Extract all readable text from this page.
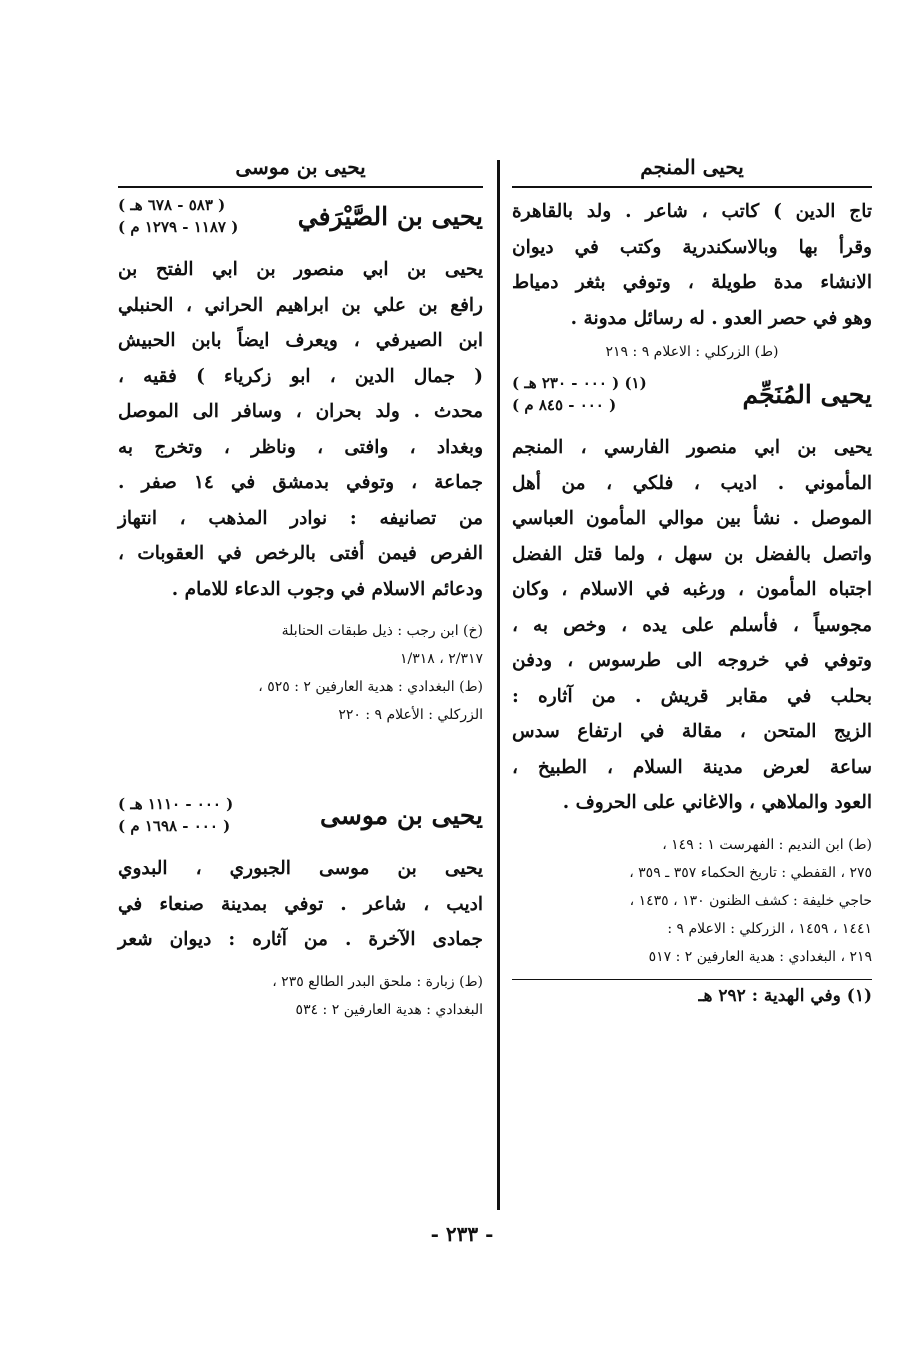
يحيى المنجم
تاج الدين ) كاتب ، شاعر . ولد بالقاهرة
وقرأ بها وبالاسكندرية وكتب في ديوان
الانشاء مدة طويلة ، وتوفي بثغر دمياط
وهو في حصر العدو . له رسائل مدونة .
(ط) الزركلي : الاعلام ٩ : ٢١٩
يحيى المُنَجِّم
(١) ( ٠٠٠ - ٢٣٠ هـ )
( ٠٠٠ - ٨٤٥ م )
يحيى بن ابي منصور الفارسي ، المنجم
المأموني . اديب ، فلكي ، من أهل
الموصل . نشأ بين موالي المأمون العباسي
واتصل بالفضل بن سهل ، ولما قتل الفضل
اجتباه المأمون ، ورغبه في الاسلام ، وكان
مجوسياً ، فأسلم على يده ، وخص به ،
وتوفي في خروجه الى طرسوس ، ودفن
بحلب في مقابر قريش . من آثاره :
الزيج المتحن ، مقالة في ارتفاع سدس
ساعة لعرض مدينة السلام ، الطبيخ ،
العود والملاهي ، والاغاني على الحروف .
(ط) ابن النديم : الفهرست ١ : ١٤٩ ،
٢٧٥ ، القفطي : تاريخ الحكماء ٣٥٧ ـ ٣٥٩ ،
حاجي خليفة : كشف الظنون ١٣٠ ، ١٤٣٥ ،
١٤٤١ ، ١٤٥٩ ، الزركلي : الاعلام ٩ :
٢١٩ ، البغدادي : هدية العارفين ٢ : ٥١٧
(١) وفي الهدية : ٢٩٢ هـ
يحيى بن موسى
يحيى بن الصَّيْرَفي
( ٥٨٣ - ٦٧٨ هـ )
( ١١٨٧ - ١٢٧٩ م )
يحيى بن ابي منصور بن ابي الفتح بن
رافع بن علي بن ابراهيم الحراني ، الحنبلي
ابن الصيرفي ، ويعرف ايضاً بابن الحبيش
( جمال الدين ، ابو زكرياء ) فقيه ،
محدث . ولد بحران ، وسافر الى الموصل
وبغداد ، وافتى ، وناظر ، وتخرج به
جماعة ، وتوفي بدمشق في ١٤ صفر .
من تصانيفه : نوادر المذهب ، انتهاز
الفرص فيمن أفتى بالرخص في العقوبات ،
ودعائم الاسلام في وجوب الدعاء للامام .
(خ) ابن رجب : ذيل طبقات الحنابلة
٢/٣١٧ ، ١/٣١٨
(ط) البغدادي : هدية العارفين ٢ : ٥٢٥ ،
الزركلي : الأعلام ٩ : ٢٢٠
يحيى بن موسى
( ٠٠٠ - ١١١٠ هـ )
( ٠٠٠ - ١٦٩٨ م )
يحيى بن موسى الجبوري ، البدوي
اديب ، شاعر . توفي بمدينة صنعاء في
جمادى الآخرة . من آثاره : ديوان شعر
(ط) زبارة : ملحق البدر الطالع ٢٣٥ ،
البغدادي : هدية العارفين ٢ : ٥٣٤
- ٢٣٣ -
